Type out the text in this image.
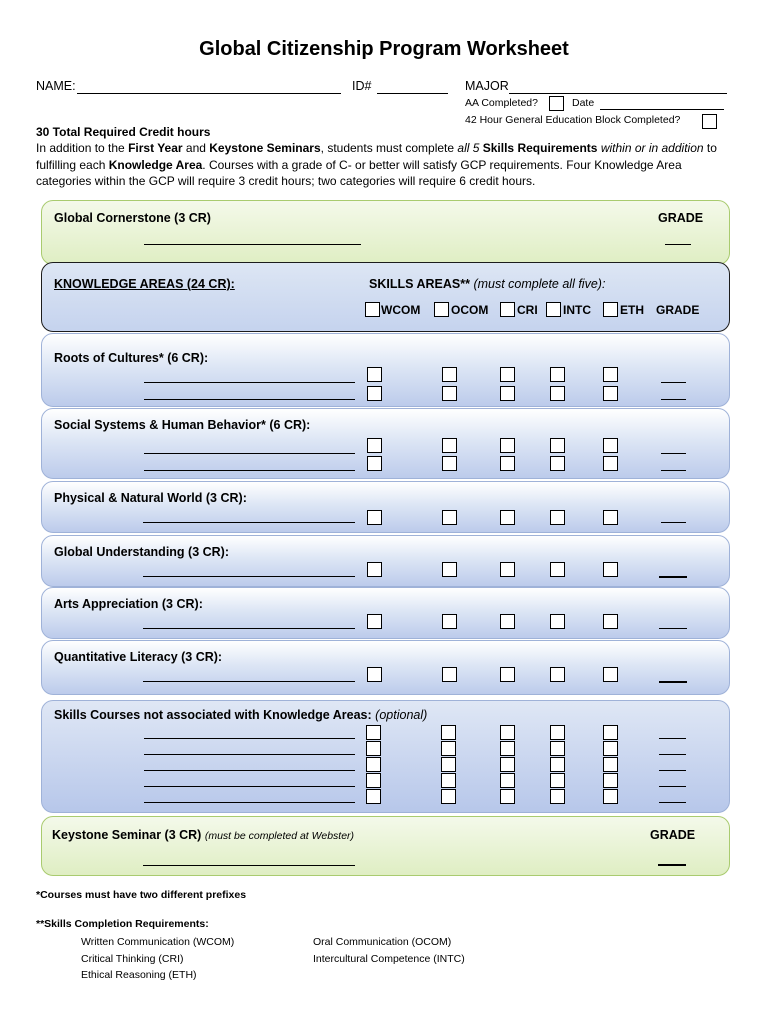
Global Citizenship Program Worksheet
NAME:	ID#	MAJOR
AA Completed?	Date
42 Hour General Education Block Completed?
30 Total Required Credit hours
In addition to the First Year and Keystone Seminars, students must complete all 5 Skills Requirements within or in addition to fulfilling each Knowledge Area. Courses with a grade of C- or better will satisfy GCP requirements. Four Knowledge Area categories within the GCP will require 3 credit hours; two categories will require 6 credit hours.
Global Cornerstone (3 CR)	GRADE
KNOWLEDGE AREAS (24 CR):	SKILLS AREAS** (must complete all five):
WCOM	OCOM CRI INTC ETH GRADE
Roots of Cultures* (6 CR):
Social Systems & Human Behavior* (6 CR):
Physical & Natural World (3 CR):
Global Understanding (3 CR):
Arts Appreciation (3 CR):
Quantitative Literacy (3 CR):
Skills Courses not associated with Knowledge Areas: (optional)
Keystone Seminar (3 CR) (must be completed at Webster)	GRADE
*Courses must have two different prefixes
**Skills Completion Requirements:
Written Communication (WCOM)	Oral Communication (OCOM)
Critical Thinking (CRI)	Intercultural Competence (INTC)
Ethical Reasoning (ETH)
